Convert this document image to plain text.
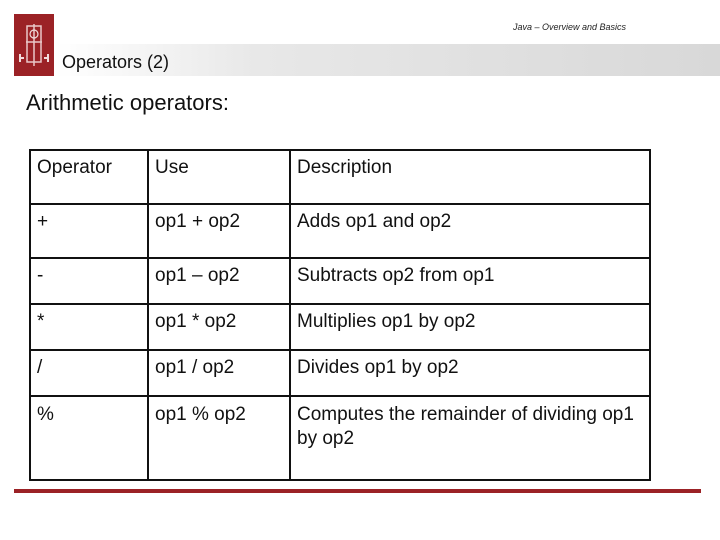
Java – Overview and Basics
Operators (2)
Arithmetic operators:
Operator	Use	Description
+	op1 + op2	Adds op1 and op2
-	op1 – op2	Subtracts op2 from op1
*	op1 * op2	Multiplies op1 by op2
/	op1 / op2	Divides op1 by op2
%	op1 % op2	Computes the remainder of dividing op1 by op2
